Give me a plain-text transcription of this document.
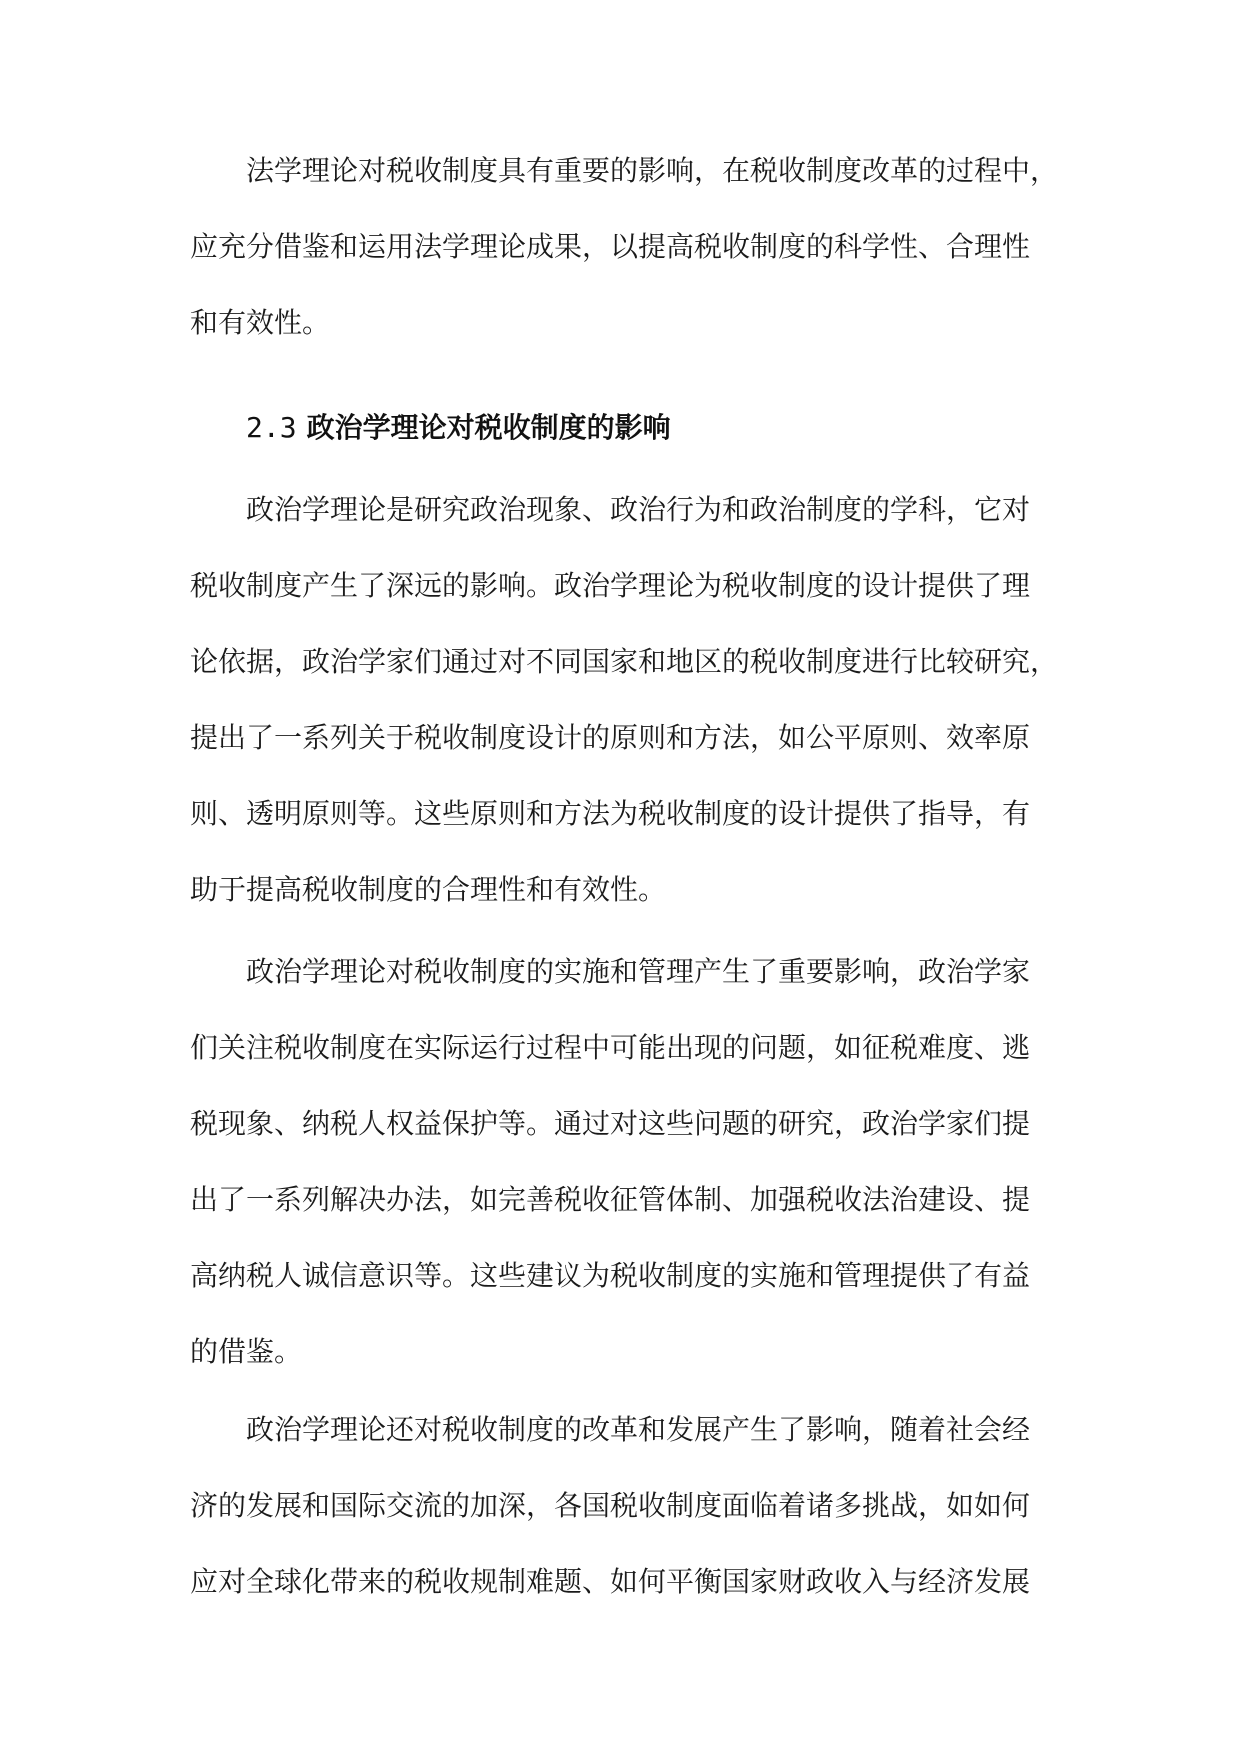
法学理论对税收制度具有重要的影响，在税收制度改革的过程中，
应充分借鉴和运用法学理论成果，以提高税收制度的科学性、合理性
和有效性。
2.3 政治学理论对税收制度的影响
政治学理论是研究政治现象、政治行为和政治制度的学科，它对
税收制度产生了深远的影响。政治学理论为税收制度的设计提供了理
论依据，政治学家们通过对不同国家和地区的税收制度进行比较研究，
提出了一系列关于税收制度设计的原则和方法，如公平原则、效率原
则、透明原则等。这些原则和方法为税收制度的设计提供了指导，有
助于提高税收制度的合理性和有效性。
政治学理论对税收制度的实施和管理产生了重要影响，政治学家
们关注税收制度在实际运行过程中可能出现的问题，如征税难度、逃
税现象、纳税人权益保护等。通过对这些问题的研究，政治学家们提
出了一系列解决办法，如完善税收征管体制、加强税收法治建设、提
高纳税人诚信意识等。这些建议为税收制度的实施和管理提供了有益
的借鉴。
政治学理论还对税收制度的改革和发展产生了影响，随着社会经
济的发展和国际交流的加深，各国税收制度面临着诸多挑战，如如何
应对全球化带来的税收规制难题、如何平衡国家财政收入与经济发展
